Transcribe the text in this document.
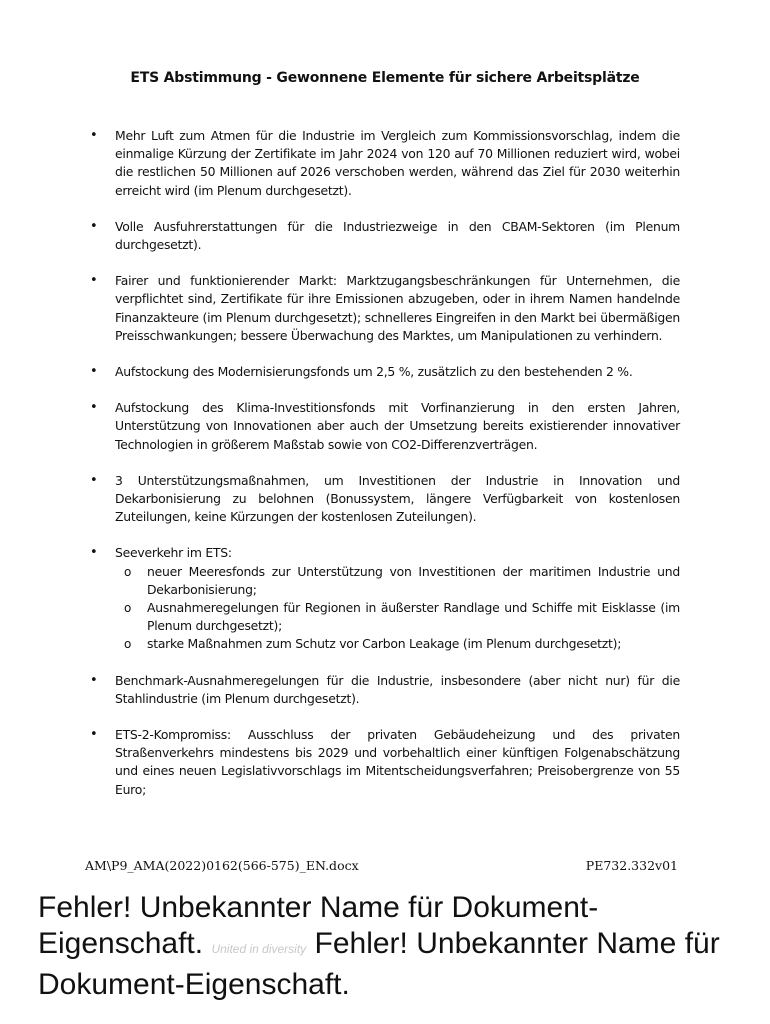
ETS Abstimmung - Gewonnene Elemente für sichere Arbeitsplätze
• Mehr Luft zum Atmen für die Industrie im Vergleich zum Kommissionsvorschlag, indem die einmalige Kürzung der Zertifikate im Jahr 2024 von 120 auf 70 Millionen reduziert wird, wobei die restlichen 50 Millionen auf 2026 verschoben werden, während das Ziel für 2030 weiterhin erreicht wird (im Plenum durchgesetzt).
• Volle Ausfuhrerstattungen für die Industriezweige in den CBAM-Sektoren (im Plenum durchgesetzt).
• Fairer und funktionierender Markt: Marktzugangsbeschränkungen für Unternehmen, die verpflichtet sind, Zertifikate für ihre Emissionen abzugeben, oder in ihrem Namen handelnde Finanzakteure (im Plenum durchgesetzt); schnelleres Eingreifen in den Markt bei übermäßigen Preisschwankungen; bessere Überwachung des Marktes, um Manipulationen zu verhindern.
• Aufstockung des Modernisierungsfonds um 2,5 %, zusätzlich zu den bestehenden 2 %.
• Aufstockung des Klima-Investitionsfonds mit Vorfinanzierung in den ersten Jahren, Unterstützung von Innovationen aber auch der Umsetzung bereits existierender innovativer Technologien in größerem Maßstab sowie von CO2-Differenzverträgen.
• 3 Unterstützungsmaßnahmen, um Investitionen der Industrie in Innovation und Dekarbonisierung zu belohnen (Bonussystem, längere Verfügbarkeit von kostenlosen Zuteilungen, keine Kürzungen der kostenlosen Zuteilungen).
• Seeverkehr im ETS:
o neuer Meeresfonds zur Unterstützung von Investitionen der maritimen Industrie und Dekarbonisierung;
o Ausnahmeregelungen für Regionen in äußerster Randlage und Schiffe mit Eisklasse (im Plenum durchgesetzt);
o starke Maßnahmen zum Schutz vor Carbon Leakage (im Plenum durchgesetzt);
• Benchmark-Ausnahmeregelungen für die Industrie, insbesondere (aber nicht nur) für die Stahlindustrie (im Plenum durchgesetzt).
• ETS-2-Kompromiss: Ausschluss der privaten Gebäudeheizung und des privaten Straßenverkehrs mindestens bis 2029 und vorbehaltlich einer künftigen Folgenabschätzung und eines neuen Legislativvorschlags im Mitentscheidungsverfahren; Preisobergrenze von 55 Euro;
AM\P9_AMA(2022)0162(566-575)_EN.docx	PE732.332v01
Fehler! Unbekannter Name für Dokument-Eigenschaft. United in diversity Fehler! Unbekannter Name für Dokument-Eigenschaft.
